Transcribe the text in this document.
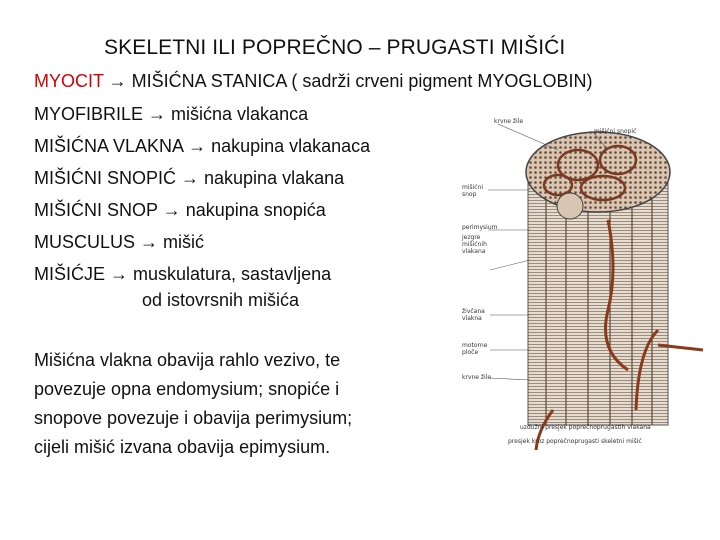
SKELETNI ILI POPREČNO – PRUGASTI MIŠIĆI
MYOCIT → MIŠIĆNA STANICA ( sadrži crveni pigment MYOGLOBIN)
MYOFIBRILE → mišićna vlakanca
MIŠIĆNA VLAKNA → nakupina vlakanaca
MIŠIĆNI SNOPIĆ → nakupina vlakana
MIŠIĆNI SNOP → nakupina snopića
MUSCULUS → mišić
MIŠIĆJE → muskulatura, sastavljena
od istovrsnih mišića
Mišićna vlakna obavija rahlo vezivo, te
povezuje opna endomysium; snopiće i
snopove povezuje i obavija perimysium;
cijeli mišić izvana obavija epimysium.
krvne žile
mišićni snopić
mišićni snop
perimysium
jezgre mišićnih vlakana
živčana vlakna
motorne ploče
krvne žile
uzdužni presjek poprečnoprugastih vlakana
presjek kroz poprečnoprugasti skeletni mišić
